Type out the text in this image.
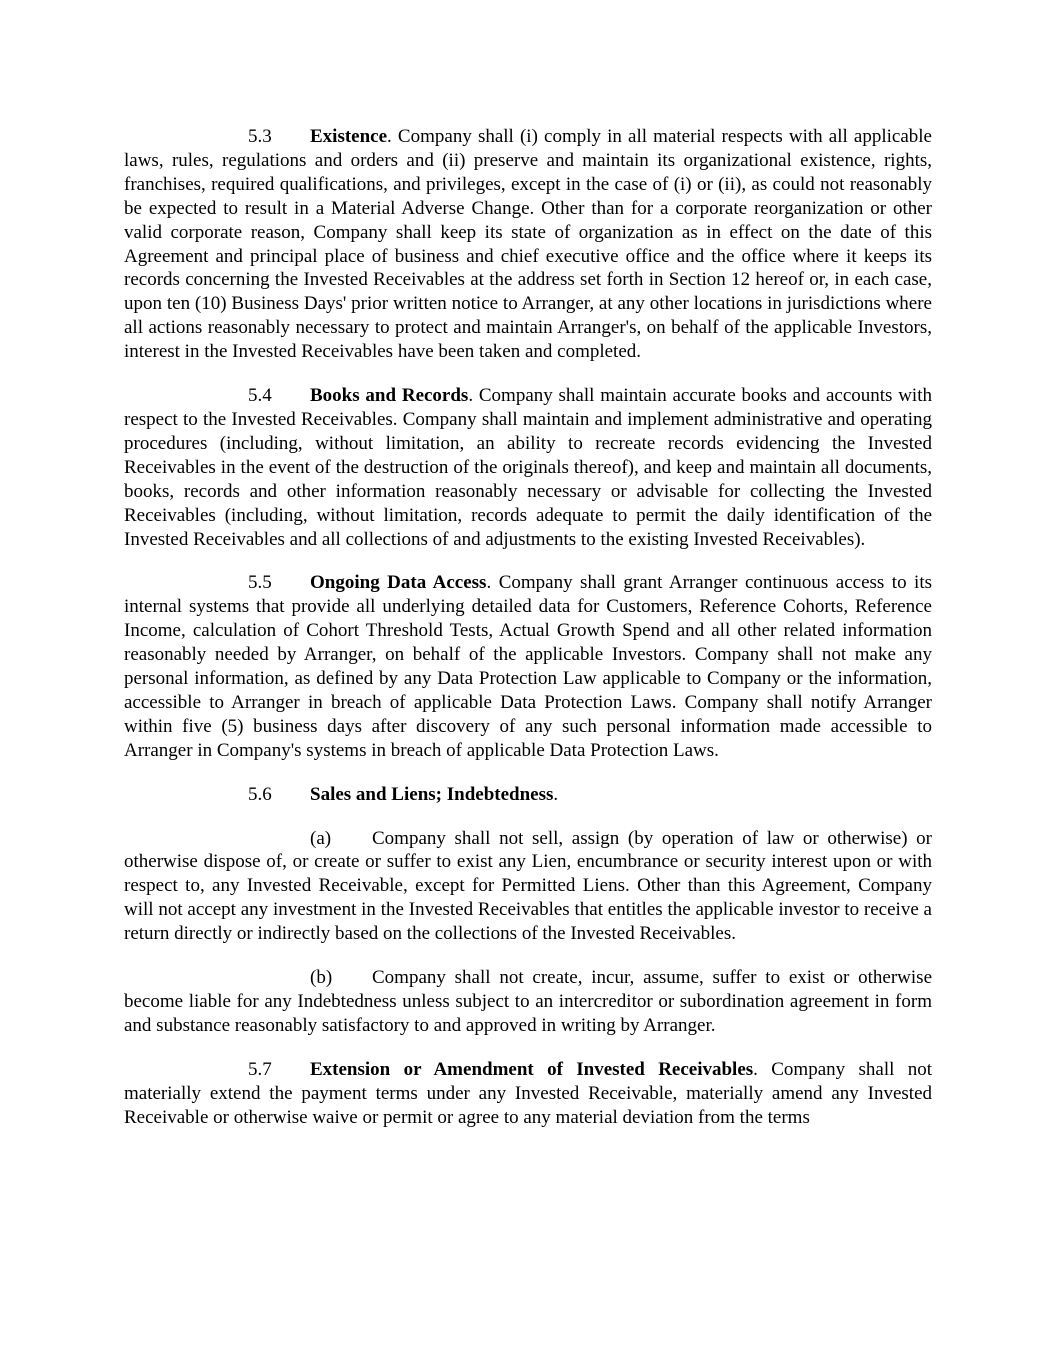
5.3 Existence. Company shall (i) comply in all material respects with all applicable laws, rules, regulations and orders and (ii) preserve and maintain its organizational existence, rights, franchises, required qualifications, and privileges, except in the case of (i) or (ii), as could not reasonably be expected to result in a Material Adverse Change. Other than for a corporate reorganization or other valid corporate reason, Company shall keep its state of organization as in effect on the date of this Agreement and principal place of business and chief executive office and the office where it keeps its records concerning the Invested Receivables at the address set forth in Section 12 hereof or, in each case, upon ten (10) Business Days' prior written notice to Arranger, at any other locations in jurisdictions where all actions reasonably necessary to protect and maintain Arranger's, on behalf of the applicable Investors, interest in the Invested Receivables have been taken and completed.

5.4 Books and Records. Company shall maintain accurate books and accounts with respect to the Invested Receivables. Company shall maintain and implement administrative and operating procedures (including, without limitation, an ability to recreate records evidencing the Invested Receivables in the event of the destruction of the originals thereof), and keep and maintain all documents, books, records and other information reasonably necessary or advisable for collecting the Invested Receivables (including, without limitation, records adequate to permit the daily identification of the Invested Receivables and all collections of and adjustments to the existing Invested Receivables).

5.5 Ongoing Data Access. Company shall grant Arranger continuous access to its internal systems that provide all underlying detailed data for Customers, Reference Cohorts, Reference Income, calculation of Cohort Threshold Tests, Actual Growth Spend and all other related information reasonably needed by Arranger, on behalf of the applicable Investors. Company shall not make any personal information, as defined by any Data Protection Law applicable to Company or the information, accessible to Arranger in breach of applicable Data Protection Laws. Company shall notify Arranger within five (5) business days after discovery of any such personal information made accessible to Arranger in Company's systems in breach of applicable Data Protection Laws.

5.6 Sales and Liens; Indebtedness.

(a) Company shall not sell, assign (by operation of law or otherwise) or otherwise dispose of, or create or suffer to exist any Lien, encumbrance or security interest upon or with respect to, any Invested Receivable, except for Permitted Liens. Other than this Agreement, Company will not accept any investment in the Invested Receivables that entitles the applicable investor to receive a return directly or indirectly based on the collections of the Invested Receivables.

(b) Company shall not create, incur, assume, suffer to exist or otherwise become liable for any Indebtedness unless subject to an intercreditor or subordination agreement in form and substance reasonably satisfactory to and approved in writing by Arranger.

5.7 Extension or Amendment of Invested Receivables. Company shall not materially extend the payment terms under any Invested Receivable, materially amend any Invested Receivable or otherwise waive or permit or agree to any material deviation from the terms
